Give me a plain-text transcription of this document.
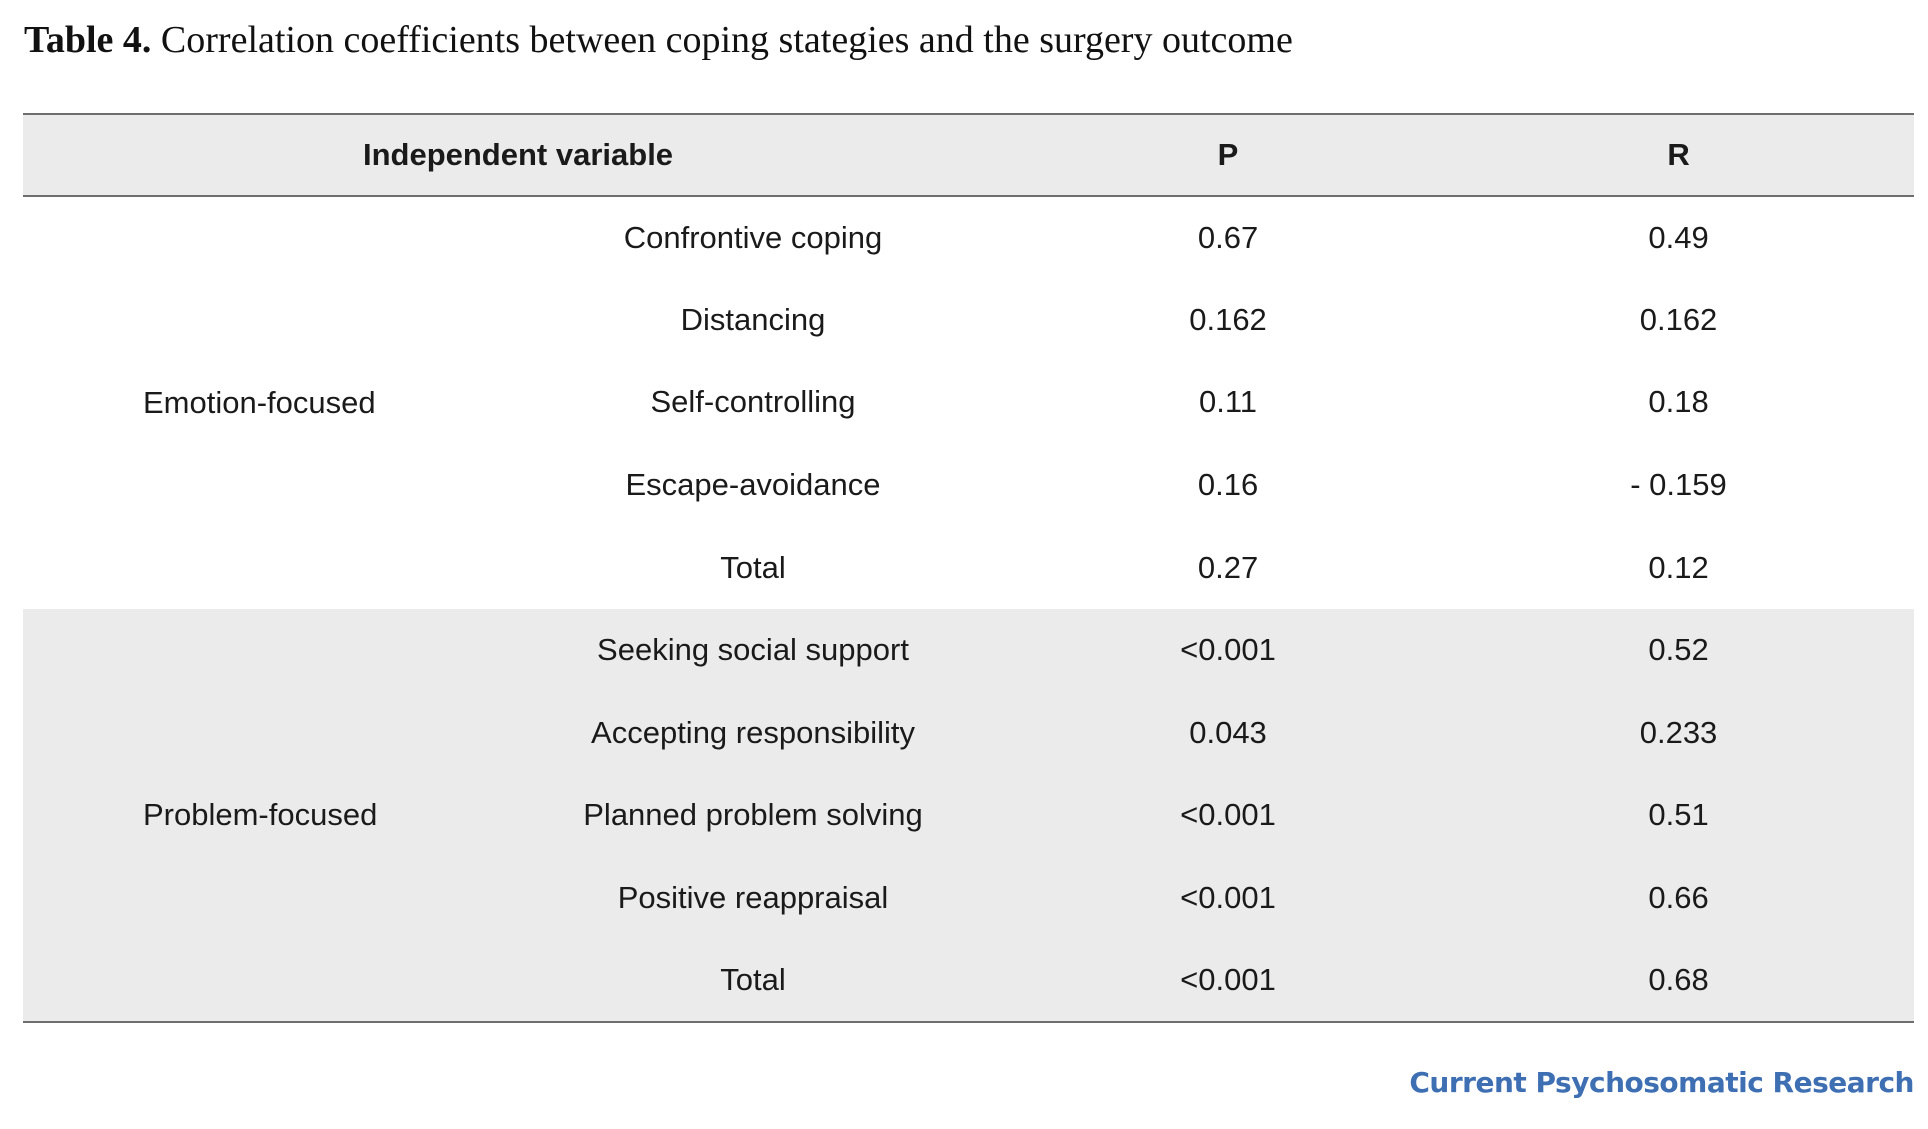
Table 4. Correlation coefficients between coping stategies and the surgery outcome
Independent variable		P	R
Emotion-focused	Confrontive coping	0.67	0.49
	Distancing	0.162	0.162
	Self-controlling	0.11	0.18
	Escape-avoidance	0.16	- 0.159
	Total	0.27	0.12
Problem-focused	Seeking social support	<0.001	0.52
	Accepting responsibility	0.043	0.233
	Planned problem solving	<0.001	0.51
	Positive reappraisal	<0.001	0.66
	Total	<0.001	0.68
Current Psychosomatic Research
